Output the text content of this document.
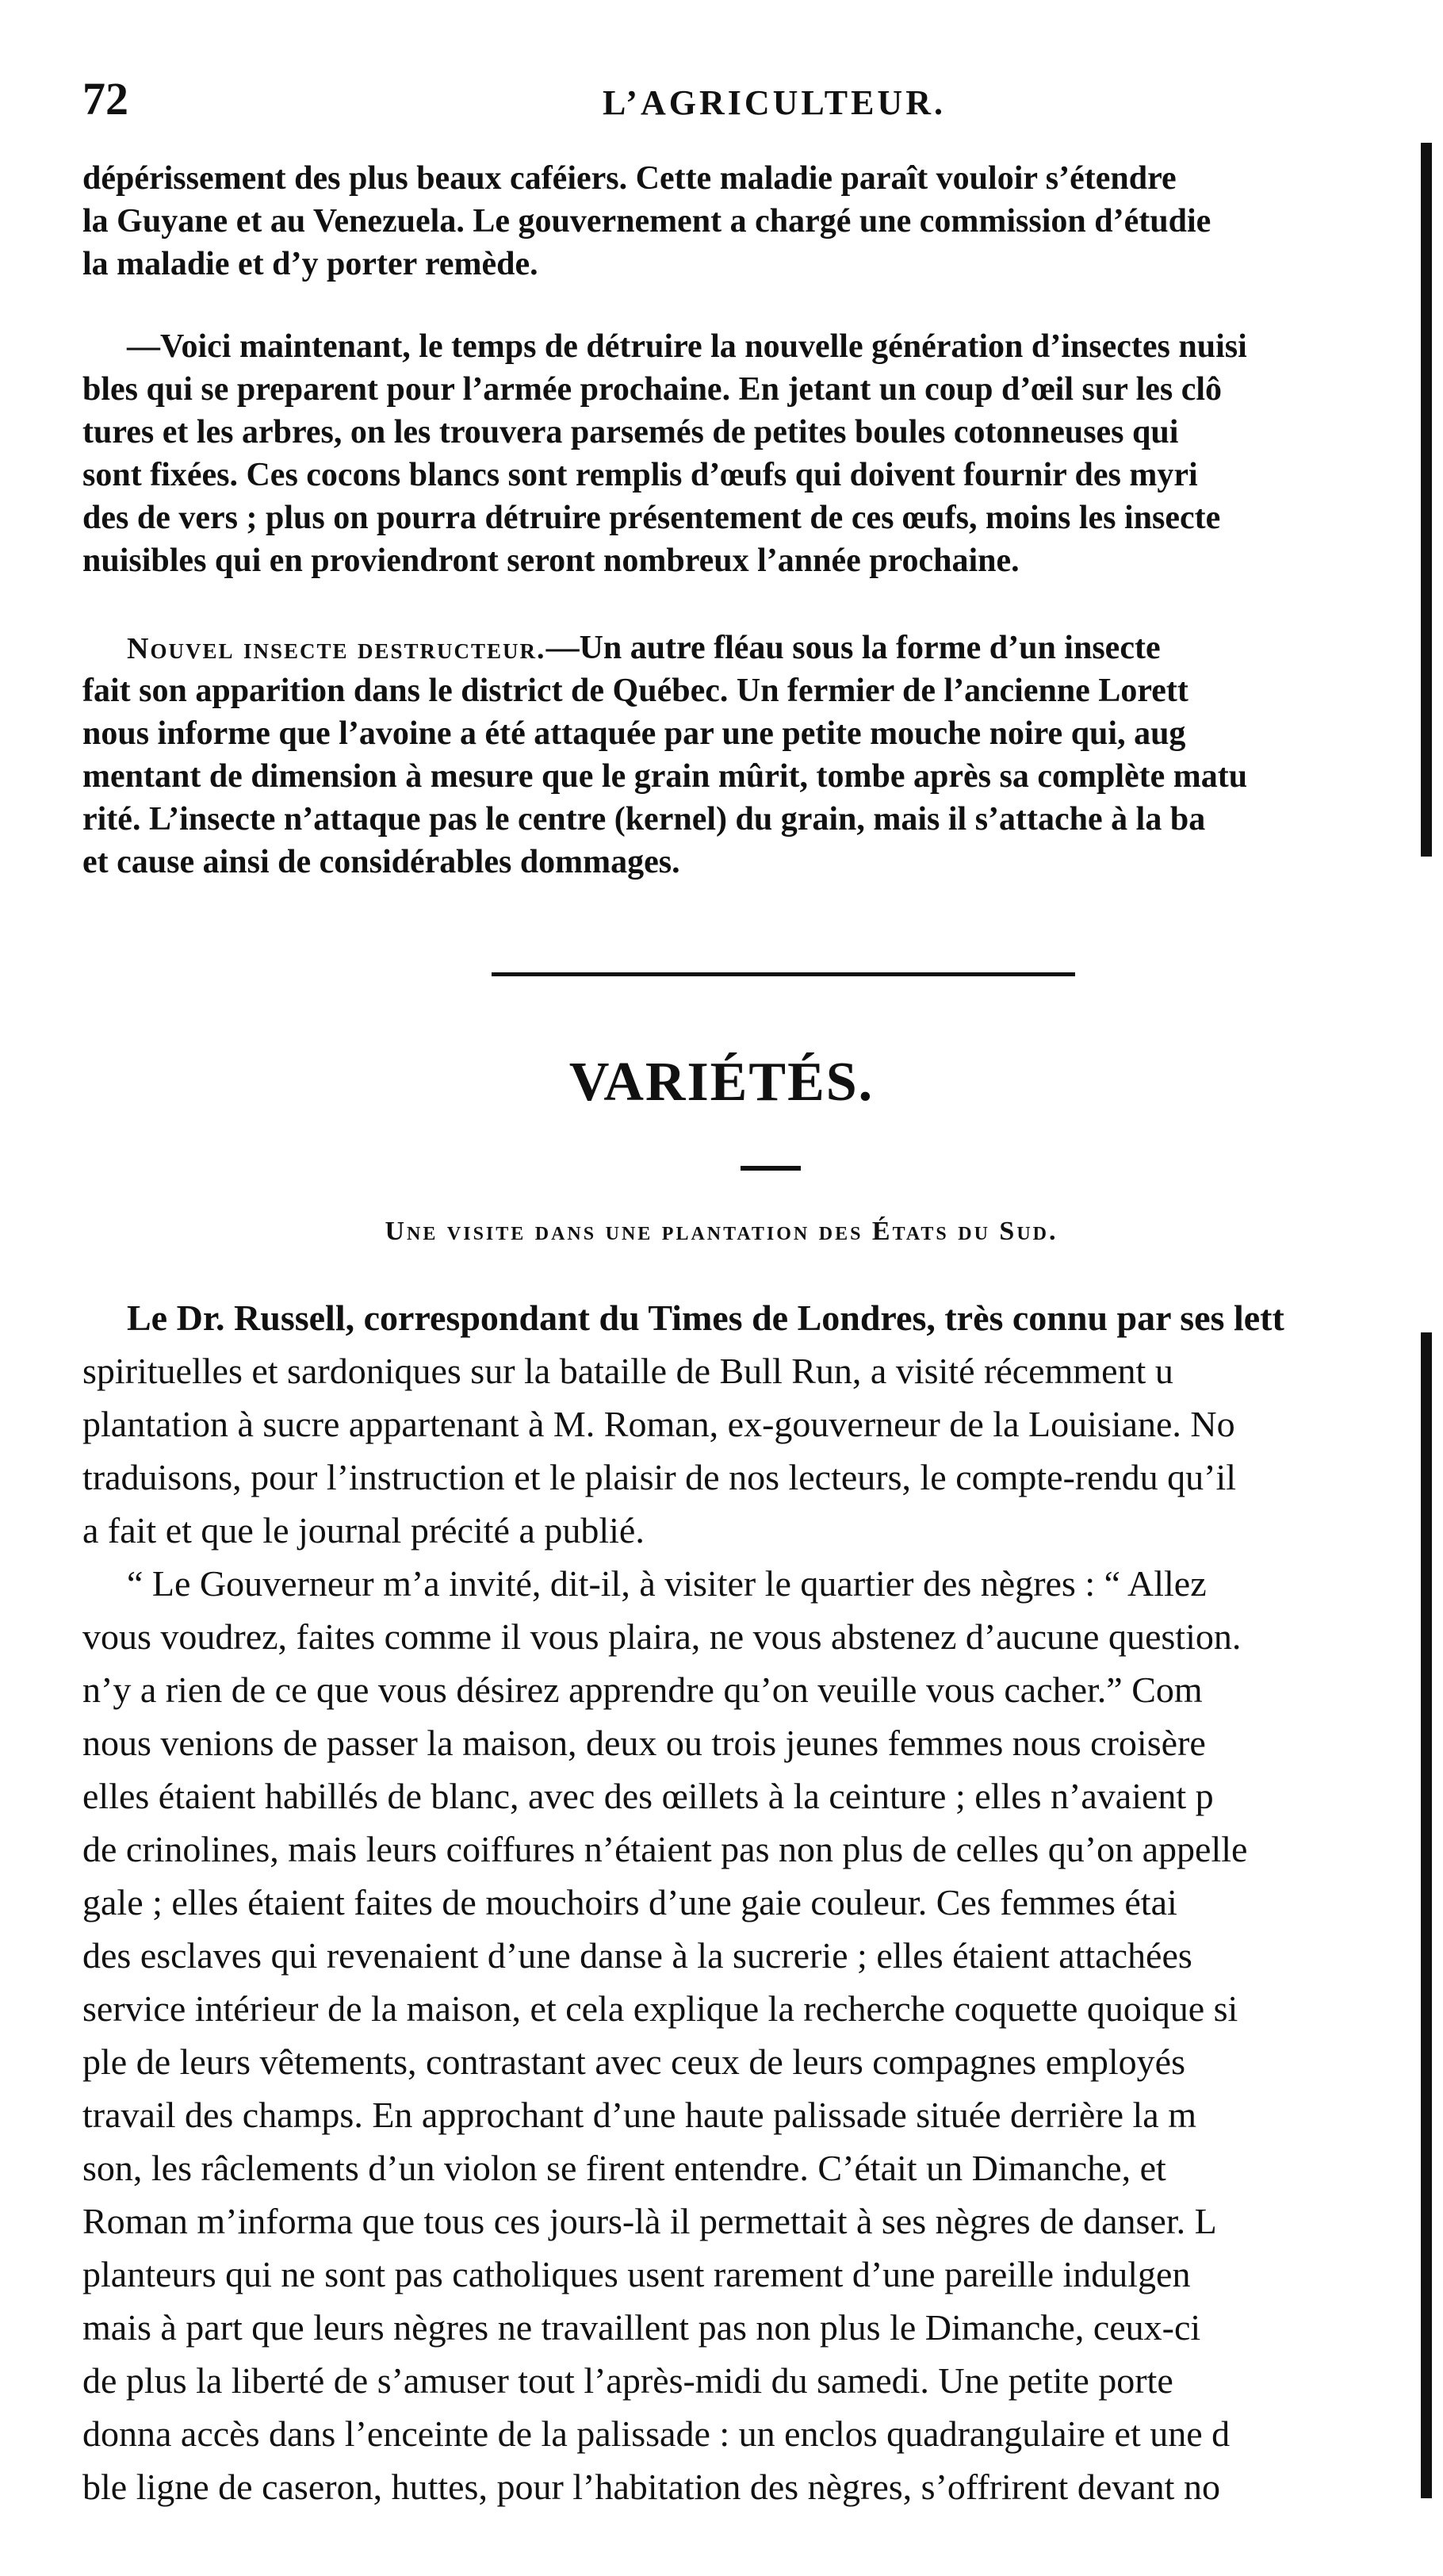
72	L’AGRICULTEUR.
dépérissement des plus beaux caféiers. Cette maladie paraît vouloir s’étendre
la Guyane et au Venezuela. Le gouvernement a chargé une commission d’étudie
la maladie et d’y porter remède.
—Voici maintenant, le temps de détruire la nouvelle génération d’insectes nuisi
bles qui se preparent pour l’armée prochaine. En jetant un coup d’œil sur les clô
tures et les arbres, on les trouvera parsemés de petites boules cotonneuses qui
sont fixées. Ces cocons blancs sont remplis d’œufs qui doivent fournir des myri
des de vers ; plus on pourra détruire présentement de ces œufs, moins les insecte
nuisibles qui en proviendront seront nombreux l’année prochaine.
Nouvel insecte destructeur.—Un autre fléau sous la forme d’un insecte
fait son apparition dans le district de Québec. Un fermier de l’ancienne Lorett
nous informe que l’avoine a été attaquée par une petite mouche noire qui, aug
mentant de dimension à mesure que le grain mûrit, tombe après sa complète matu
rité. L’insecte n’attaque pas le centre (kernel) du grain, mais il s’attache à la ba
et cause ainsi de considérables dommages.
VARIÉTÉS.
Une visite dans une plantation des États du Sud.
Le Dr. Russell, correspondant du Times de Londres, très connu par ses lett
spirituelles et sardoniques sur la bataille de Bull Run, a visité récemment u
plantation à sucre appartenant à M. Roman, ex-gouverneur de la Louisiane. No
traduisons, pour l’instruction et le plaisir de nos lecteurs, le compte-rendu qu’il
a fait et que le journal précité a publié.
“ Le Gouverneur m’a invité, dit-il, à visiter le quartier des nègres : “ Allez
vous voudrez, faites comme il vous plaira, ne vous abstenez d’aucune question.
n’y a rien de ce que vous désirez apprendre qu’on veuille vous cacher.” Com
nous venions de passer la maison, deux ou trois jeunes femmes nous croisère
elles étaient habillés de blanc, avec des œillets à la ceinture ; elles n’avaient p
de crinolines, mais leurs coiffures n’étaient pas non plus de celles qu’on appelle
gale ; elles étaient faites de mouchoirs d’une gaie couleur. Ces femmes étai
des esclaves qui revenaient d’une danse à la sucrerie ; elles étaient attachées
service intérieur de la maison, et cela explique la recherche coquette quoique si
ple de leurs vêtements, contrastant avec ceux de leurs compagnes employés
travail des champs. En approchant d’une haute palissade située derrière la m
son, les râclements d’un violon se firent entendre. C’était un Dimanche, et
Roman m’informa que tous ces jours-là il permettait à ses nègres de danser. L
planteurs qui ne sont pas catholiques usent rarement d’une pareille indulgen
mais à part que leurs nègres ne travaillent pas non plus le Dimanche, ceux-ci
de plus la liberté de s’amuser tout l’après-midi du samedi. Une petite porte
donna accès dans l’enceinte de la palissade : un enclos quadrangulaire et une d
ble ligne de caseron, huttes, pour l’habitation des nègres, s’offrirent devant no
